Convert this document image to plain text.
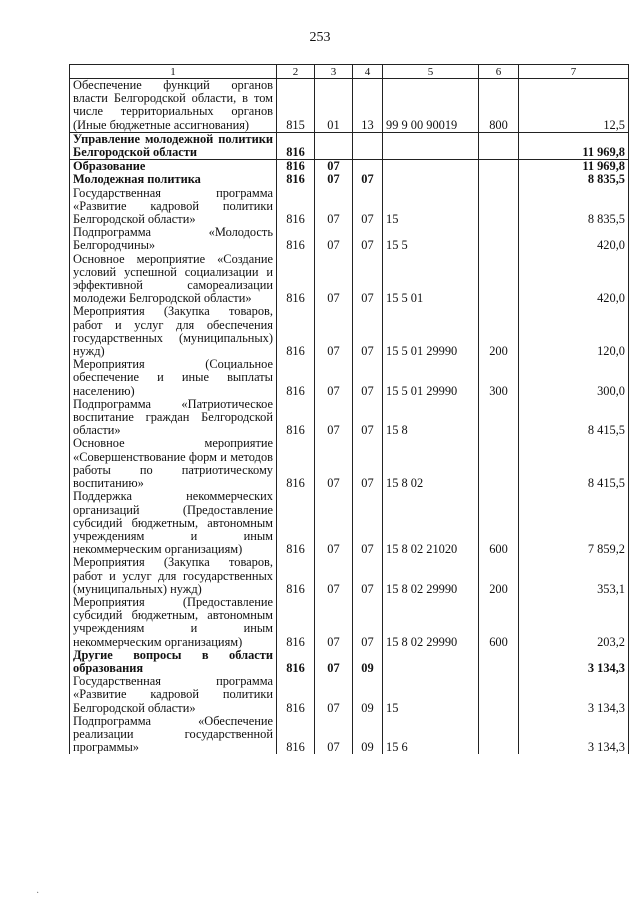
253
1	2	3	4	5	6	7
Обеспечение функций органов власти Белгородской области, в том числе территориальных органов (Иные бюджетные ассигнования)	815	01	13	99 9 00 90019	800	12,5
Управление молодежной политики Белгородской области	816					11 969,8
Образование	816	07				11 969,8
Молодежная политика	816	07	07			8 835,5
Государственная программа «Развитие кадровой политики Белгородской области»	816	07	07	15		8 835,5
Подпрограмма «Молодость Белгородчины»	816	07	07	15 5		420,0
Основное мероприятие «Создание условий успешной социализации и эффективной самореализации молодежи Белгородской области»	816	07	07	15 5 01		420,0
Мероприятия (Закупка товаров, работ и услуг для обеспечения государственных (муниципальных) нужд)	816	07	07	15 5 01 29990	200	120,0
Мероприятия (Социальное обеспечение и иные выплаты населению)	816	07	07	15 5 01 29990	300	300,0
Подпрограмма «Патриотическое воспитание граждан Белгородской области»	816	07	07	15 8		8 415,5
Основное мероприятие «Совершенствование форм и методов работы по патриотическому воспитанию»	816	07	07	15 8 02		8 415,5
Поддержка некоммерческих организаций (Предоставление субсидий бюджетным, автономным учреждениям и иным некоммерческим организациям)	816	07	07	15 8 02 21020	600	7 859,2
Мероприятия (Закупка товаров, работ и услуг для государственных (муниципальных) нужд)	816	07	07	15 8 02 29990	200	353,1
Мероприятия (Предоставление субсидий бюджетным, автономным учреждениям и иным некоммерческим организациям)	816	07	07	15 8 02 29990	600	203,2
Другие вопросы в области образования	816	07	09			3 134,3
Государственная программа «Развитие кадровой политики Белгородской области»	816	07	09	15		3 134,3
Подпрограмма «Обеспечение реализации государственной программы»	816	07	09	15 6		3 134,3
·
